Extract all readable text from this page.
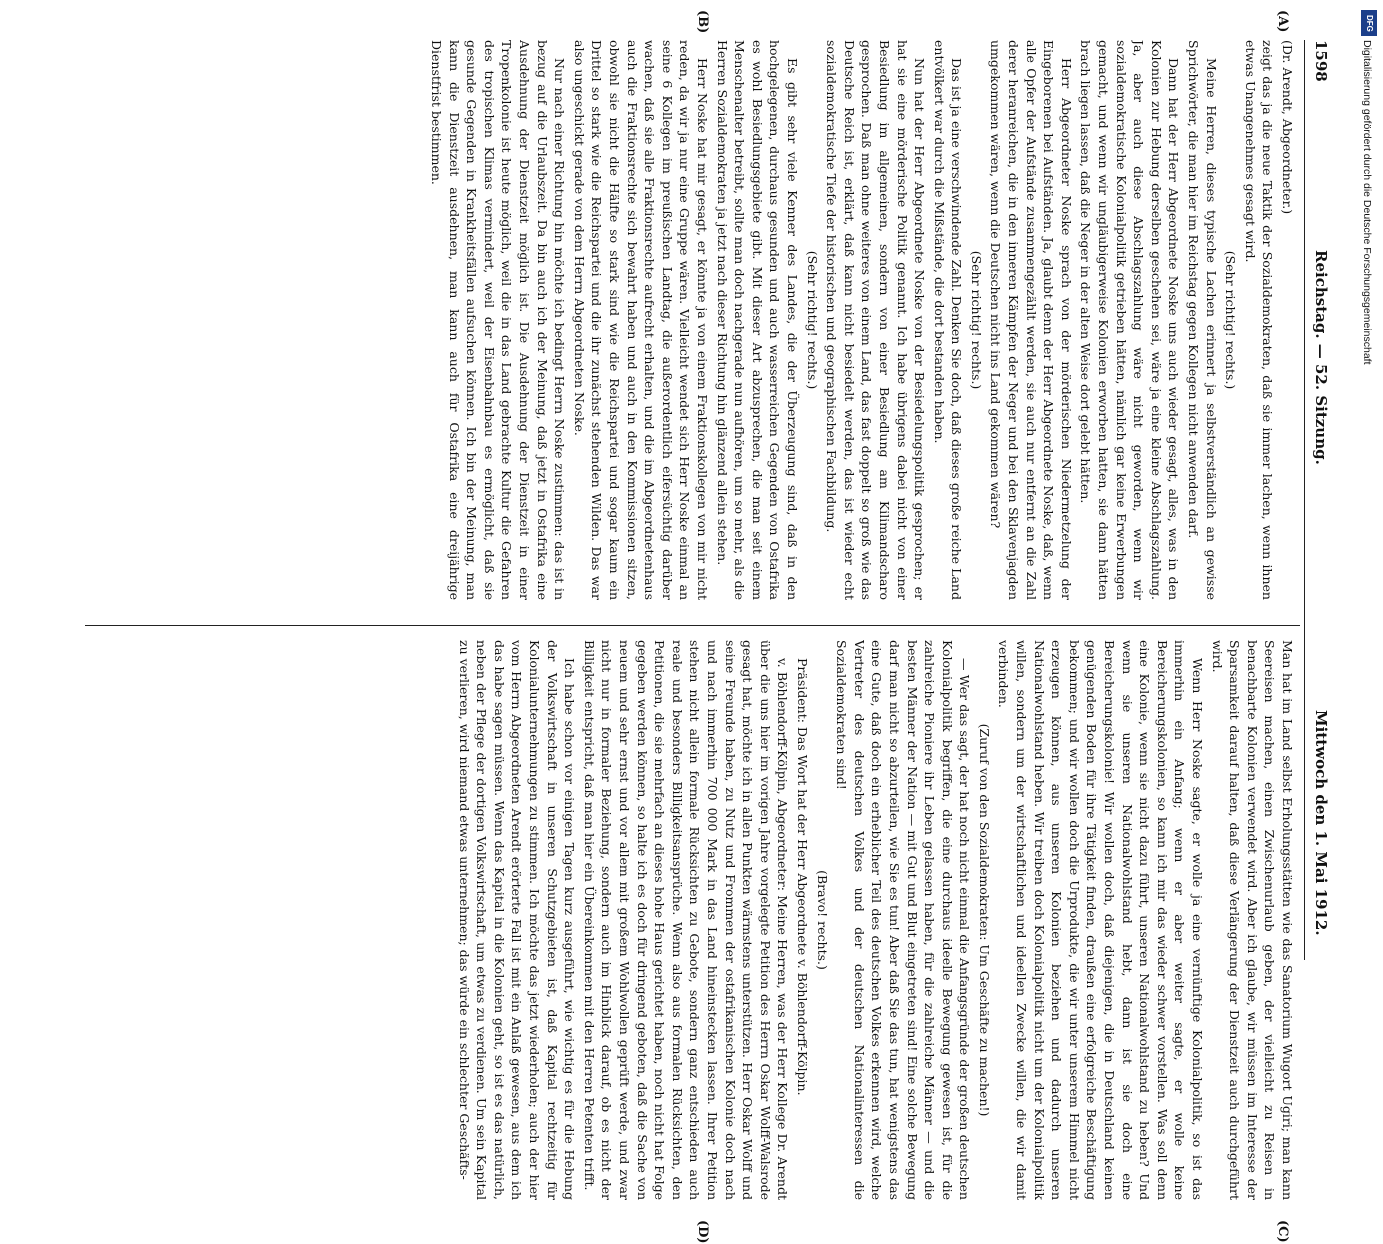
1598
Reichstag. — 52. Sitzung.
Mittwoch den 1. Mai 1912.
(A)
(B)
(C)
(D)

(Dr. Arendt, Abgeordneter.)

zeigt das ja die neue Taktik der Sozialdemokraten, daß sie immer lachen, wenn ihnen etwas Unangenehmes gesagt wird.

(Sehr richtig! rechts.)

Meine Herren, dieses typische Lachen erinnert ja selbstverständlich an gewisse Sprichwörter, die man hier im Reichstag gegen Kollegen nicht anwenden darf.

Dann hat der Herr Abgeordnete Noske uns auch wieder gesagt, alles, was in den Kolonien zur Hebung derselben geschehen sei, wäre ja eine kleine Abschlagszahlung. Ja, aber auch diese Abschlagszahlung wäre nicht geworden, wenn wir sozialdemokratische Kolonialpolitik getrieben hätten, nämlich gar keine Erwerbungen gemacht, und wenn wir ungläubigerweise Kolonien erworben hatten, sie dann hätten brach liegen lassen, daß die Neger in der alten Weise dort gelebt hätten.

Herr Abgeordneter Noske sprach von der mörderischen Niedermetzelung der Eingeborenen bei Aufständen. Ja, glaubt denn der Herr Abgeordnete Noske, daß, wenn alle Opfer der Aufstände zusammengezählt werden, sie auch nur entfernt an die Zahl derer heranreichen, die in den inneren Kämpfen der Neger und bei den Sklavenjagden umgekommen wären, wenn die Deutschen nicht ins Land gekommen wären?

(Sehr richtig! rechts.)

Das ist ja eine verschwindende Zahl. Denken Sie doch, daß dieses große reiche Land entvölkert war durch die Mißstände, die dort bestanden haben.

Nun hat der Herr Abgeordnete Noske von der Besiedelungspolitik gesprochen; er hat sie eine mörderische Politik genannt. Ich habe übrigens dabei nicht von einer Besiedlung im allgemeinen, sondern von einer Besiedlung am Kilimandscharo gesprochen. Daß man ohne weiteres von einem Land, das fast doppelt so groß wie das Deutsche Reich ist, erklärt, daß kann nicht besiedelt werden, das ist wieder echt sozialdemokratische Tiefe der historischen und geographischen Fachbildung.

(Sehr richtig! rechts.)

Es gibt sehr viele Kenner des Landes, die der Überzeugung sind, daß in den hochgelegenen, durchaus gesunden und auch wasserreichen Gegenden von Ostafrika es wohl Besiedlungsgebiete gibt. Mit dieser Art abzusprechen, die man seit einem Menschenalter betreibt, sollte man doch nachgerade nun aufhören, um so mehr, als die Herren Sozialdemokraten ja jetzt nach dieser Richtung hin glänzend allein stehen.

Herr Noske hat mir gesagt, er könnte ja von einem Fraktionskollegen von mir nicht reden, da wir ja nur eine Gruppe wären. Vielleicht wendet sich Herr Noske einmal an seine 6 Kollegen im preußischen Landtag, die außerordentlich eifersüchtig darüber wachen, daß sie alle Fraktionsrechte aufrecht erhalten, und die im Abgeordnetenhaus auch die Fraktionsrechte sich bewahrt haben und auch in den Kommissionen sitzen, obwohl sie nicht die Hälfte so stark sind wie die Reichspartei und sogar kaum ein Drittel so stark wie die Reichspartei und die ihr zunächst stehenden Wilden. Das war also ungeschickt gerade von dem Herrn Abgeordneten Noske.

Nur nach einer Richtung hin möchte ich bedingt Herrn Noske zustimmen: das ist in bezug auf die Urlaubszeit. Da bin auch ich der Meinung, daß jetzt in Ostafrika eine Ausdehnung der Dienstzeit möglich ist. Die Ausdehnung der Dienstzeit in einer Tropenkolonie ist heute möglich, weil die in das Land gebrachte Kultur die Gefahren des tropischen Klimas vermindert, weil der Eisenbahnbau es ermöglicht, daß sie gesunde Gegenden in Krankheitsfällen aufsuchen können. Ich bin der Meinung, man kann die Dienstzeit ausdehnen, man kann auch für Ostafrika eine dreijährige Dienstfrist bestimmen.

Man hat im Land selbst Erholungsstätten wie das Sanatorium Wugort Ugiri; man kann Seereisen machen, einen Zwischenurlaub geben, der vielleicht zu Reisen in benachbarte Kolonien verwendet wird. Aber ich glaube, wir müssen im Interesse der Sparsamkeit darauf halten, daß diese Verlängerung der Dienstzeit auch durchgeführt wird.

Wenn Herr Noske sagte, er wolle ja eine vernünftige Kolonialpolitik, so ist das immerhin ein Anfang; wenn er aber weiter sagte, er wolle keine Bereicherungskolonien, so kann ich mir das wieder schwer vorstellen. Was soll denn eine Kolonie, wenn sie nicht dazu führt, unseren Nationalwohlstand zu heben? Und wenn sie unseren Nationalwohlstand hebt, dann ist sie doch eine Bereicherungskolonie! Wir wollen doch, daß diejenigen, die in Deutschland keinen genügenden Boden für ihre Tätigkeit finden, draußen eine erfolgreiche Beschäftigung bekommen; und wir wollen doch die Urprodukte, die wir unter unserem Himmel nicht erzeugen können, aus unseren Kolonien beziehen und dadurch unseren Nationalwohlstand heben. Wir treiben doch Kolonialpolitik nicht um der Kolonialpolitik willen, sondern um der wirtschaftlichen und ideellen Zwecke willen, die wir damit verbinden.

(Zuruf von den Sozialdemokraten: Um Geschäfte zu machen!)

— Wer das sagt, der hat noch nicht einmal die Anfangsgründe der großen deutschen Kolonialpolitik begriffen, die eine durchaus ideelle Bewegung gewesen ist, für die zahlreiche Pioniere ihr Leben gelassen haben, für die zahlreiche Männer — und die besten Männer der Nation — mit Gut und Blut eingetreten sind! Eine solche Bewegung darf man nicht so abzurteilen, wie Sie es tun! Aber daß Sie das tun, hat wenigstens das eine Gute, daß doch ein erheblicher Teil des deutschen Volkes erkennen wird, welche Vertreter des deutschen Volkes und der deutschen Nationalinteressen die Sozialdemokraten sind!

(Bravo! rechts.)

Präsident: Das Wort hat der Herr Abgeordnete v. Böhlendorff-Kölpin.

v. Böhlendorff-Kölpin, Abgeordneter: Meine Herren, was der Herr Kollege Dr. Arendt über die uns hier im vorigen Jahre vorgelegte Petition des Herrn Oskar Wolff-Walsrode gesagt hat, möchte ich in allen Punkten wärmstens unterstützen. Herr Oskar Wolff und seine Freunde haben, zu Nutz und Frommen der ostafrikanischen Kolonie doch nach und nach immerhin 700 000 Mark in das Land hineinstecken lassen. Ihrer Petition stehen nicht allein formale Rücksichten zu Gebote, sondern ganz entschieden auch reale und besonders Billigkeitsansprüche. Wenn also aus formalen Rücksichten, den Petitionen, die sie mehrfach an dieses hohe Haus gerichtet haben, noch nicht hat Folge gegeben werden können, so halte ich es doch für dringend geboten, daß die Sache von neuem und sehr ernst und vor allem mit großem Wohlwollen geprüft werde, und zwar nicht nur in formaler Beziehung, sondern auch im Hinblick darauf, ob es nicht der Billigkeit entspricht, daß man hier ein Übereinkommen mit den Herren Petenten trifft.

Ich habe schon vor einigen Tagen kurz ausgeführt, wie wichtig es für die Hebung der Volkswirtschaft in unseren Schutzgebieten ist, daß Kapital rechtzeitig für Kolonialunternehmungen zu stimmen. Ich möchte das jetzt wiederholen; auch der hier vom Herrn Abgeordneten Arendt erörterte Fall ist mit ein Anlaß gewesen, aus dem ich das habe sagen müssen. Wenn das Kapital in die Kolonien geht, so ist es das natürlich, neben der Pflege der dortigen Volkswirtschaft, um etwas zu verdienen. Um sein Kapital zu verlieren, wird niemand etwas unternehmen; das würde ein schlechter Geschäfts-

DFG
Digitalisierung gefördert durch die Deutsche Forschungsgemeinschaft
